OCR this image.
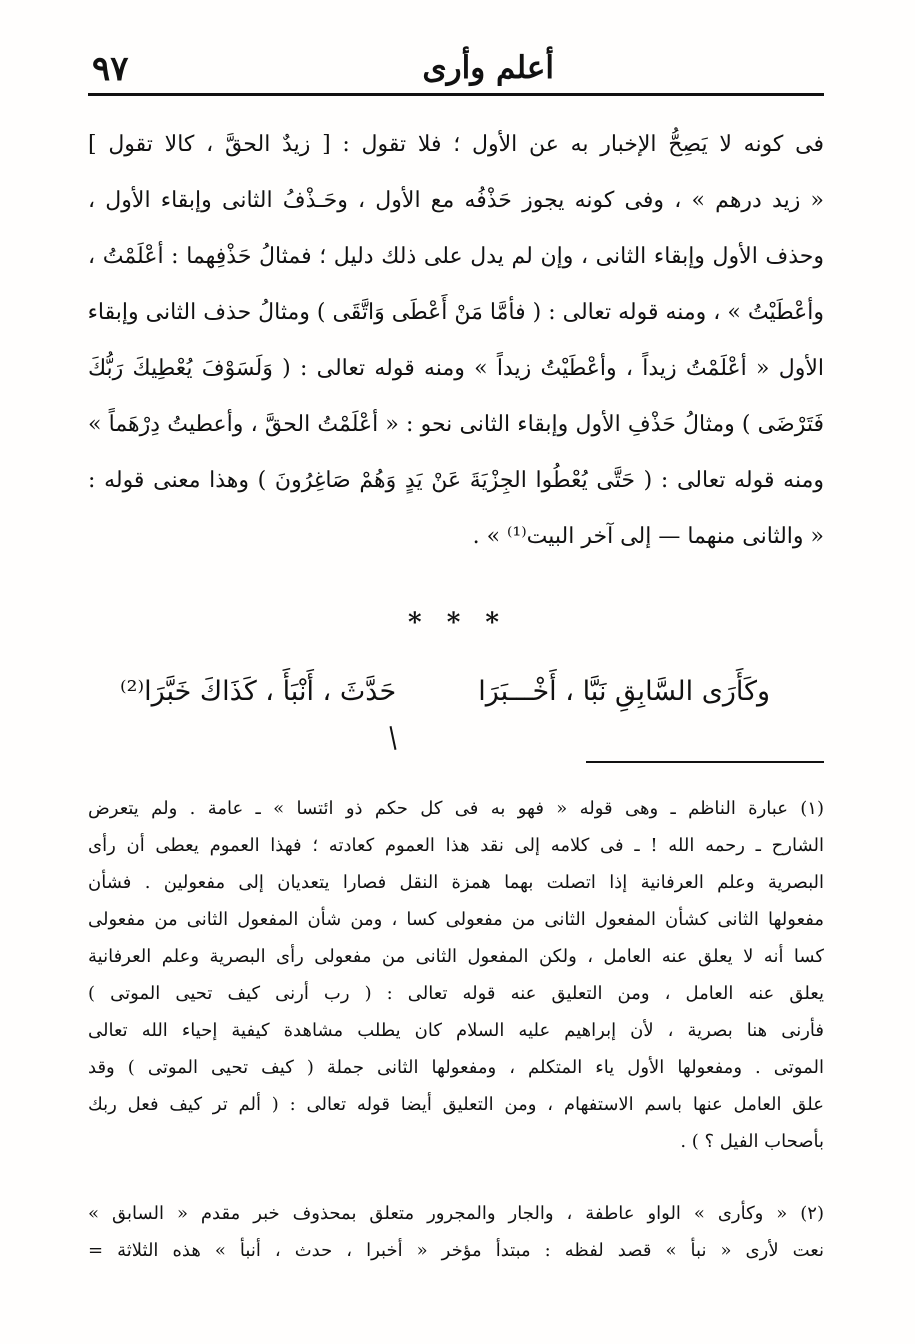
أعلم وأرى
٩٧
فى كونه لا يَصِحُّ الإخبار به عن الأول ؛ فلا تقول : [ زيدٌ الحقَّ ، كالا تقول ]
« زيد درهم » ، وفى كونه يجوز حَذْفُه مع الأول ، وحَـذْفُ الثانى وإبقاء الأول ،
وحذف الأول وإبقاء الثانى ، وإن لم يدل على ذلك دليل ؛ فمثالُ حَذْفِهما : أعْلَمْتُ ،
وأعْطَيْتُ » ، ومنه قوله تعالى : ( فأمَّا مَنْ أَعْطَى وَاتَّقَى ) ومثالُ حذف الثانى وإبقاء
الأول « أعْلَمْتُ زيداً ، وأعْطَيْتُ زيداً » ومنه قوله تعالى : ( وَلَسَوْفَ يُعْطِيكَ رَبُّكَ
فَتَرْضَى ) ومثالُ حَذْفِ الأول وإبقاء الثانى نحو : « أعْلَمْتُ الحقَّ ، وأعطيتُ دِرْهَماً »
ومنه قوله تعالى : ( حَتَّى يُعْطُوا الجِزْيَةَ عَنْ يَدٍ وَهُمْ صَاغِرُونَ ) وهذا معنى قوله :
« والثانى منهما — إلى آخر البيت⁽¹⁾ » .
* * *
وكَأَرَى السَّابِقِ نَبَّا ، أَخْـــبَرَا
حَدَّثَ ، أَنْبَأَ ، كَذَاكَ خَبَّرَا⁽²⁾
(١) عبارة الناظم ـ وهى قوله « فهو به فى كل حكم ذو ائتسا » ـ عامة . ولم يتعرض
الشارح ـ رحمه الله ! ـ فى كلامه إلى نقد هذا العموم كعادته ؛ فهذا العموم يعطى أن رأى
البصرية وعلم العرفانية إذا اتصلت بهما همزة النقل فصارا يتعديان إلى مفعولين . فشأن
مفعولها الثانى كشأن المفعول الثانى من مفعولى كسا ، ومن شأن المفعول الثانى من مفعولى
كسا أنه لا يعلق عنه العامل ، ولكن المفعول الثانى من مفعولى رأى البصرية وعلم العرفانية
يعلق عنه العامل ، ومن التعليق عنه قوله تعالى : ( رب أرنى كيف تحيى الموتى )
فأرنى هنا بصرية ، لأن إبراهيم عليه السلام كان يطلب مشاهدة كيفية إحياء الله تعالى
الموتى . ومفعولها الأول ياء المتكلم ، ومفعولها الثانى جملة ( كيف تحيى الموتى ) وقد
علق العامل عنها باسم الاستفهام ، ومن التعليق أيضا قوله تعالى : ( ألم تر كيف فعل ربك
بأصحاب الفيل ؟ ) .
(٢) « وكأرى » الواو عاطفة ، والجار والمجرور متعلق بمحذوف خبر مقدم « السابق »
نعت لأرى « نبأ » قصد لفظه : مبتدأ مؤخر « أخبرا ، حدث ، أنبأ » هذه الثلاثة =
